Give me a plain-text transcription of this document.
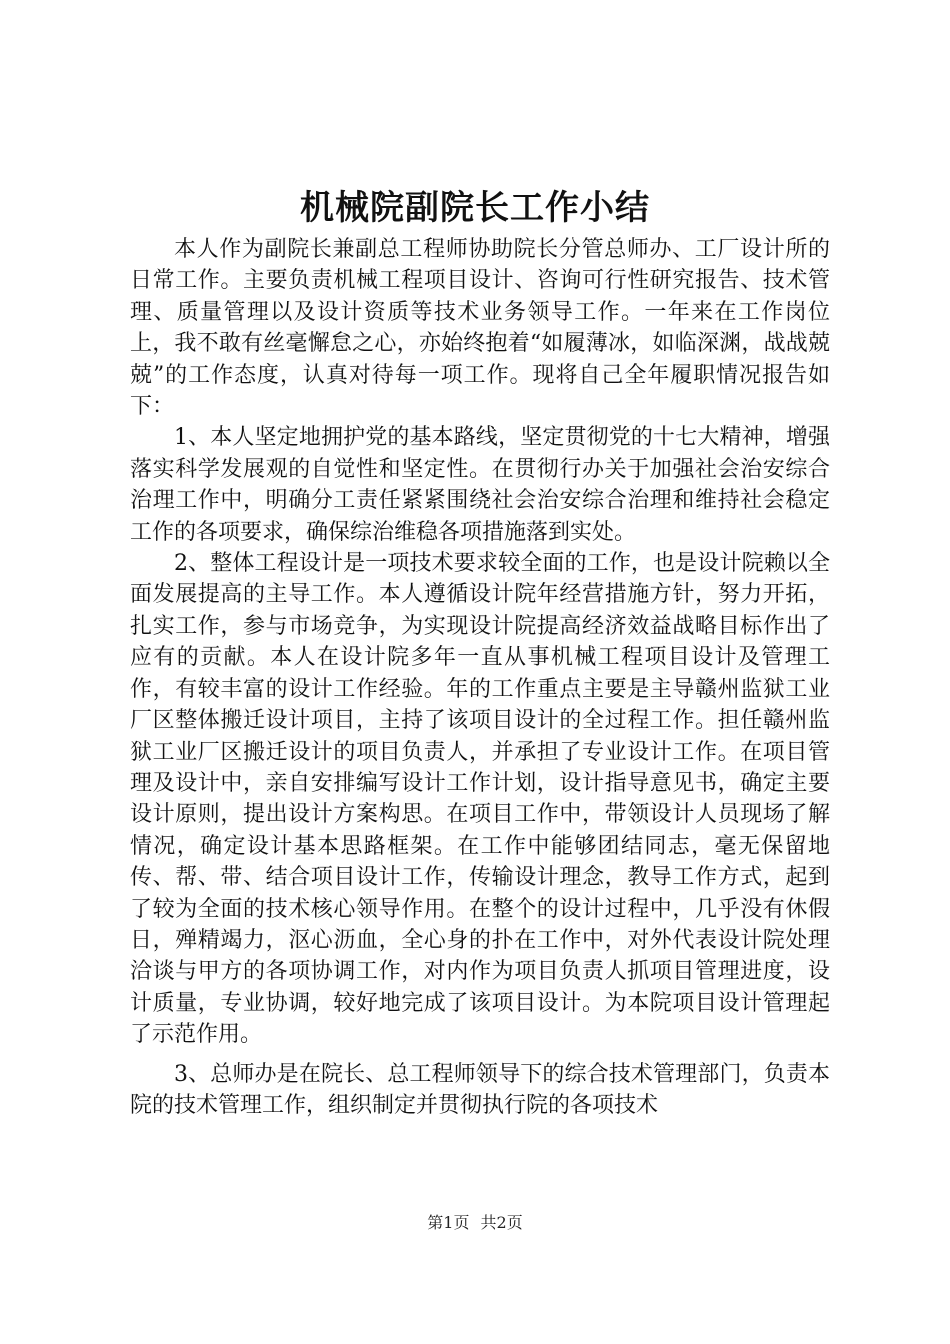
机械院副院长工作小结

本人作为副院长兼副总工程师协助院长分管总师办、工厂设计所的日常工作。主要负责机械工程项目设计、咨询可行性研究报告、技术管理、质量管理以及设计资质等技术业务领导工作。一年来在工作岗位上，我不敢有丝毫懈怠之心，亦始终抱着“如履薄冰，如临深渊，战战兢兢”的工作态度，认真对待每一项工作。现将自己全年履职情况报告如下：

1、本人坚定地拥护党的基本路线，坚定贯彻党的十七大精神，增强落实科学发展观的自觉性和坚定性。在贯彻行办关于加强社会治安综合治理工作中，明确分工责任紧紧围绕社会治安综合治理和维持社会稳定工作的各项要求，确保综治维稳各项措施落到实处。

2、整体工程设计是一项技术要求较全面的工作，也是设计院赖以全面发展提高的主导工作。本人遵循设计院年经营措施方针，努力开拓，扎实工作，参与市场竞争，为实现设计院提高经济效益战略目标作出了应有的贡献。本人在设计院多年一直从事机械工程项目设计及管理工作，有较丰富的设计工作经验。年的工作重点主要是主导赣州监狱工业厂区整体搬迁设计项目，主持了该项目设计的全过程工作。担任赣州监狱工业厂区搬迁设计的项目负责人，并承担了专业设计工作。在项目管理及设计中，亲自安排编写设计工作计划，设计指导意见书，确定主要设计原则，提出设计方案构思。在项目工作中，带领设计人员现场了解情况，确定设计基本思路框架。在工作中能够团结同志，毫无保留地传、帮、带、结合项目设计工作，传输设计理念，教导工作方式，起到了较为全面的技术核心领导作用。在整个的设计过程中，几乎没有休假日，殚精竭力，沤心沥血，全心身的扑在工作中，对外代表设计院处理洽谈与甲方的各项协调工作，对内作为项目负责人抓项目管理进度，设计质量，专业协调，较好地完成了该项目设计。为本院项目设计管理起了示范作用。

3、总师办是在院长、总工程师领导下的综合技术管理部门，负责本院的技术管理工作，组织制定并贯彻执行院的各项技术

第1页 共2页
